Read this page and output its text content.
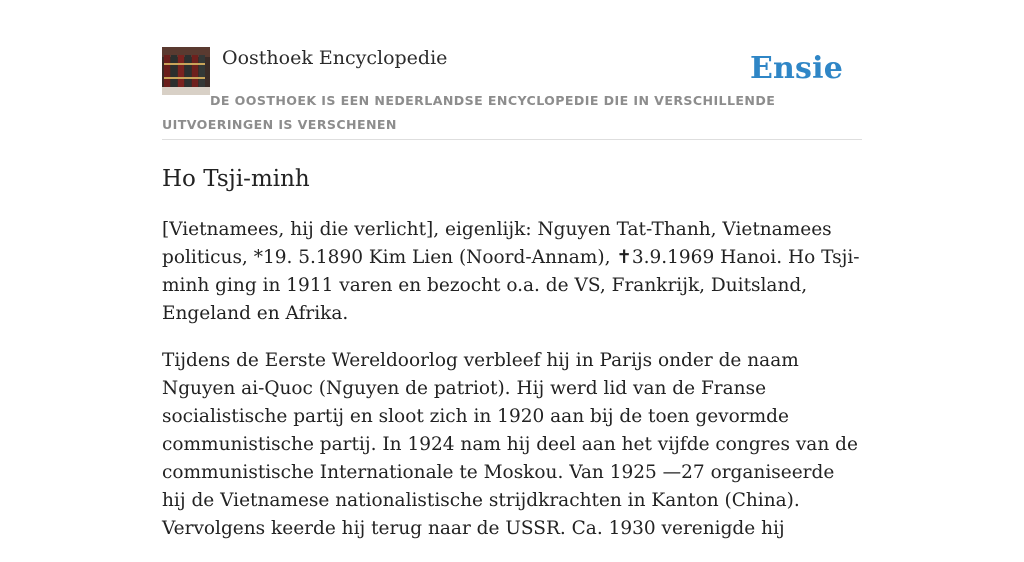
Oosthoek Encyclopedie	Ensie

DE OOSTHOEK IS EEN NEDERLANDSE ENCYCLOPEDIE DIE IN VERSCHILLENDE UITVOERINGEN IS VERSCHENEN

Ho Tsji-minh

[Vietnamees, hij die verlicht], eigenlijk: Nguyen Tat-Thanh, Vietnamees politicus, *19. 5.1890 Kim Lien (Noord-Annam), ✝3.9.1969 Hanoi. Ho Tsji-minh ging in 1911 varen en bezocht o.a. de VS, Frankrijk, Duitsland, Engeland en Afrika.

Tijdens de Eerste Wereldoorlog verbleef hij in Parijs onder de naam Nguyen ai-Quoc (Nguyen de patriot). Hij werd lid van de Franse socialistische partij en sloot zich in 1920 aan bij de toen gevormde communistische partij. In 1924 nam hij deel aan het vijfde congres van de communistische Internationale te Moskou. Van 1925 —27 organiseerde hij de Vietnamese nationalistische strijdkrachten in Kanton (China). Vervolgens keerde hij terug naar de USSR. Ca. 1930 verenigde hij
